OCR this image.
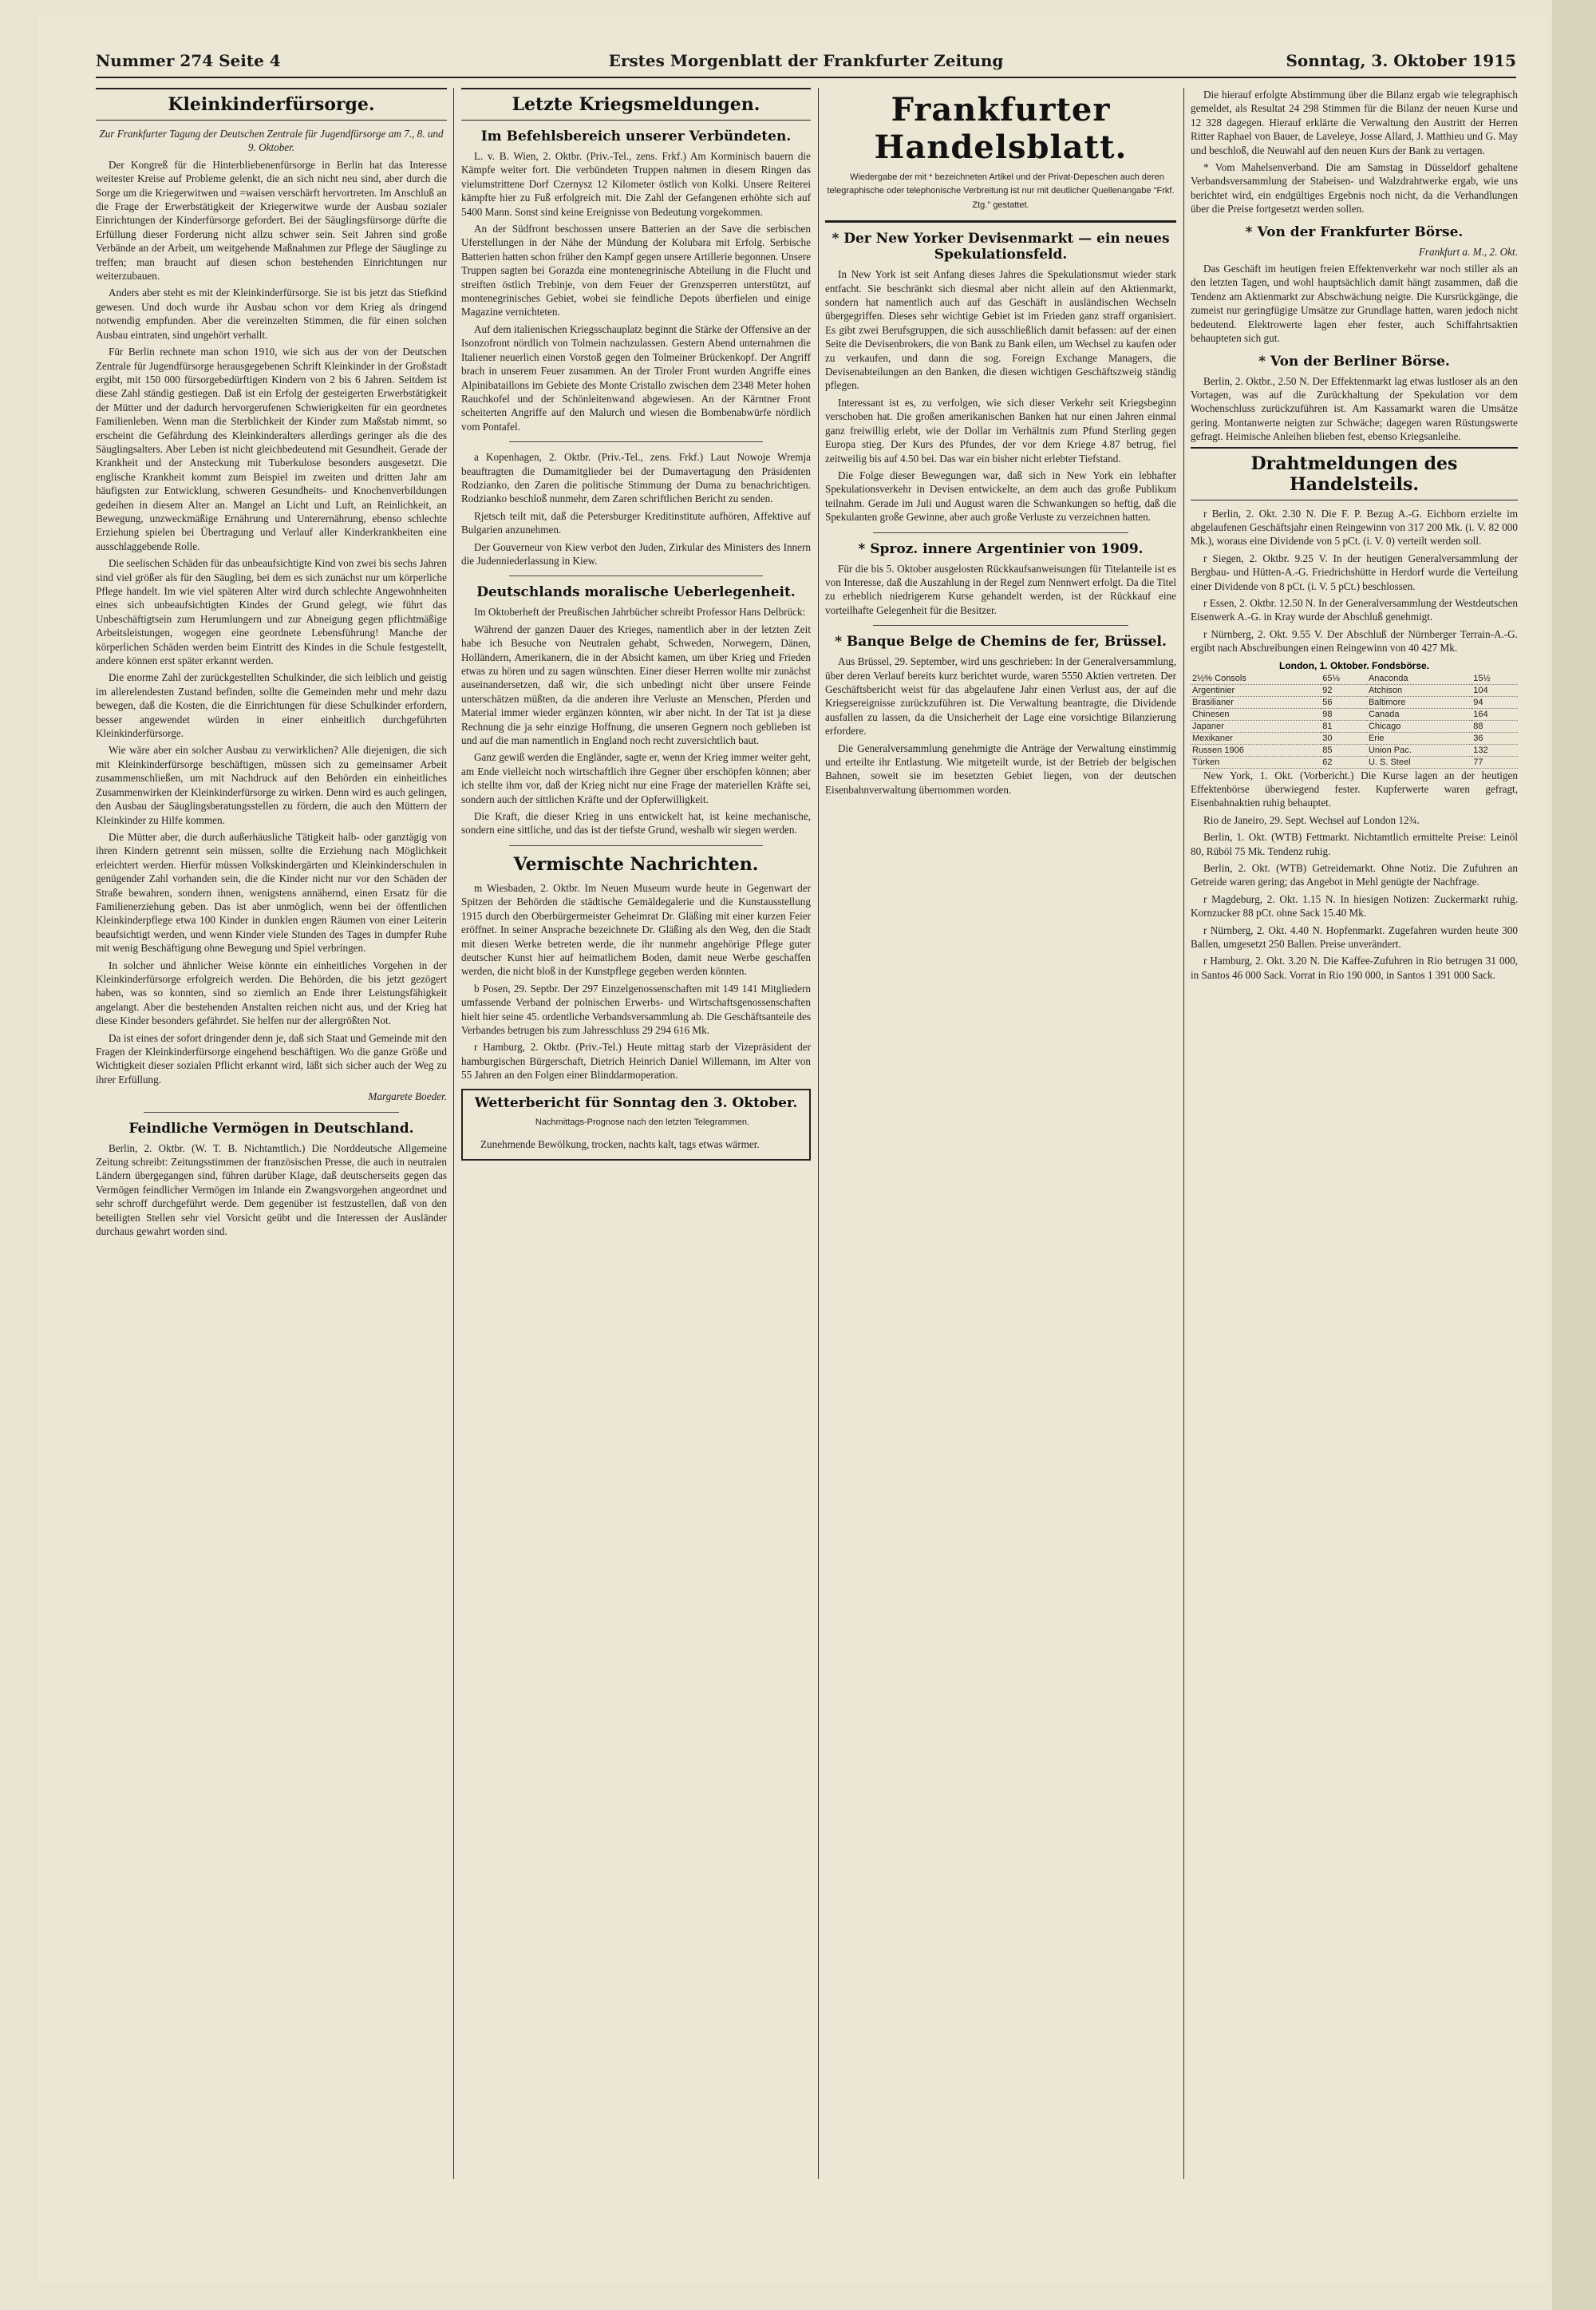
Nummer 274 Seite 4	Erstes Morgenblatt der Frankfurter Zeitung	Sonntag, 3. Oktober 1915
Kleinkinderfürsorge.

Zur Frankfurter Tagung der Deutschen Zentrale für Jugendfürsorge am 7., 8. und 9. Oktober.

Der Kongreß für die Hinterbliebenenfürsorge in Berlin hat das Interesse weitester Kreise auf Probleme gelenkt, die an sich nicht neu sind, aber durch die Sorge um die Kriegerwitwen und =waisen verschärft hervortreten. Im Anschluß an die Frage der Erwerbstätigkeit der Kriegerwitwe wurde der Ausbau sozialer Einrichtungen der Kinderfürsorge gefordert. Bei der Säuglingsfürsorge dürfte die Erfüllung dieser Forderung nicht allzu schwer sein. Seit Jahren sind große Verbände an der Arbeit, um weitgehende Maßnahmen zur Pflege der Säuglinge zu treffen; man braucht auf diesen schon bestehenden Einrichtungen nur weiterzubauen.

Anders aber steht es mit der Kleinkinderfürsorge. Sie ist bis jetzt das Stiefkind gewesen. Und doch wurde ihr Ausbau schon vor dem Krieg als dringend notwendig empfunden. Aber die vereinzelten Stimmen, die für einen solchen Ausbau eintraten, sind ungehört verhallt.

Für Berlin rechnete man schon 1910, wie sich aus der von der Deutschen Zentrale für Jugendfürsorge herausgegebenen Schrift Kleinkinder in der Großstadt ergibt, mit 150 000 fürsorgebedürftigen Kindern von 2 bis 6 Jahren. Seitdem ist diese Zahl ständig gestiegen. Daß ist ein Erfolg der gesteigerten Erwerbstätigkeit der Mütter und der dadurch hervorgerufenen Schwierigkeiten für ein geordnetes Familienleben. Wenn man die Sterblichkeit der Kinder zum Maßstab nimmt, so erscheint die Gefährdung des Kleinkinderalters allerdings geringer als die des Säuglingsalters. Aber Leben ist nicht gleichbedeutend mit Gesundheit. Gerade der Krankheit und der Ansteckung mit Tuberkulose besonders ausgesetzt. Die englische Krankheit kommt zum Beispiel im zweiten und dritten Jahr am häufigsten zur Entwicklung, schweren Gesundheits- und Knochenverbildungen gedeihen in diesem Alter an. Mangel an Licht und Luft, an Reinlichkeit, an Bewegung, unzweckmäßige Ernährung und Unterernährung, ebenso schlechte Erziehung spielen bei Übertragung und Verlauf aller Kinderkrankheiten eine ausschlaggebende Rolle.

Die seelischen Schäden für das unbeaufsichtigte Kind von zwei bis sechs Jahren sind viel größer als für den Säugling, bei dem es sich zunächst nur um körperliche Pflege handelt. Im wie viel späteren Alter wird durch schlechte Angewohnheiten eines sich unbeaufsichtigten Kindes der Grund gelegt, wie führt das Unbeschäftigtsein zum Herumlungern und zur Abneigung gegen pflichtmäßige Arbeitsleistungen, wogegen eine geordnete Lebensführung! Manche der körperlichen Schäden werden beim Eintritt des Kindes in die Schule festgestellt, andere können erst später erkannt werden.

Die enorme Zahl der zurückgestellten Schulkinder, die sich leiblich und geistig im allerelendesten Zustand befinden, sollte die Gemeinden mehr und mehr dazu bewegen, daß die Kosten, die die Einrichtungen für diese Schulkinder erfordern, besser angewendet würden in einer einheitlich durchgeführten Kleinkinderfürsorge.

Wie wäre aber ein solcher Ausbau zu verwirklichen? Alle diejenigen, die sich mit Kleinkinderfürsorge beschäftigen, müssen sich zu gemeinsamer Arbeit zusammenschließen, um mit Nachdruck auf den Behörden ein einheitliches Zusammenwirken der Kleinkinderfürsorge zu wirken. Denn wird es auch gelingen, den Ausbau der Säuglingsberatungsstellen zu fördern, die auch den Müttern der Kleinkinder zu Hilfe kommen.

Die Mütter aber, die durch außerhäusliche Tätigkeit halb- oder ganztägig von ihren Kindern getrennt sein müssen, sollte die Erziehung nach Möglichkeit erleichtert werden. Hierfür müssen Volkskindergärten und Kleinkinderschulen in genügender Zahl vorhanden sein, die die Kinder nicht nur vor den Schäden der Straße bewahren, sondern ihnen, wenigstens annähernd, einen Ersatz für die Familienerziehung geben. Das ist aber unmöglich, wenn bei der öffentlichen Kleinkinderpflege etwa 100 Kinder in dunklen engen Räumen von einer Leiterin beaufsichtigt werden, und wenn Kinder viele Stunden des Tages in dumpfer Ruhe mit wenig Beschäftigung ohne Bewegung und Spiel verbringen.

In solcher und ähnlicher Weise könnte ein einheitliches Vorgehen in der Kleinkinderfürsorge erfolgreich werden. Die Behörden, die bis jetzt gezögert haben, was so konnten, sind so ziemlich an Ende ihrer Leistungsfähigkeit angelangt. Aber die bestehenden Anstalten reichen nicht aus, und der Krieg hat diese Kinder besonders gefährdet. Sie helfen nur der allergrößten Not.

Da ist eines der sofort dringender denn je, daß sich Staat und Gemeinde mit den Fragen der Kleinkinderfürsorge eingehend beschäftigen. Wo die ganze Größe und Wichtigkeit dieser sozialen Pflicht erkannt wird, läßt sich sicher auch der Weg zu ihrer Erfüllung.

Margarete Boeder.

Feindliche Vermögen in Deutschland.

Berlin, 2. Oktbr. (W. T. B. Nichtamtlich.) Die Norddeutsche Allgemeine Zeitung schreibt: Zeitungsstimmen der französischen Presse, die auch in neutralen Ländern übergegangen sind, führen darüber Klage, daß deutscherseits gegen das Vermögen feindlicher Vermögen im Inlande ein Zwangsvorgehen angeordnet und sehr schroff durchgeführt werde. Dem gegenüber ist festzustellen, daß von den beteiligten Stellen sehr viel Vorsicht geübt und die Interessen der Ausländer durchaus gewahrt worden sind.

Letzte Kriegsmeldungen.
Im Befehlsbereich unserer Verbündeten.

L. v. B. Wien, 2. Oktbr. (Priv.-Tel., zens. Frkf.) Am Korminisch bauern die Kämpfe weiter fort. Die verbündeten Truppen nahmen in diesem Ringen das vielumstrittene Dorf Czernysz 12 Kilometer östlich von Kolki. Unsere Reiterei kämpfte hier zu Fuß erfolgreich mit. Die Zahl der Gefangenen erhöhte sich auf 5400 Mann. Sonst sind keine Ereignisse von Bedeutung vorgekommen.

An der Südfront beschossen unsere Batterien an der Save die serbischen Uferstellungen in der Nähe der Mündung der Kolubara mit Erfolg. Serbische Batterien hatten schon früher den Kampf gegen unsere Artillerie begonnen. Unsere Truppen sagten bei Gorazda eine montenegrinische Abteilung in die Flucht und streiften östlich Trebinje, von dem Feuer der Grenzsperren unterstützt, auf montenegrinisches Gebiet, wobei sie feindliche Depots überfielen und einige Magazine vernichteten.

Auf dem italienischen Kriegsschauplatz beginnt die Stärke der Offensive an der Isonzofront nördlich von Tolmein nachzulassen. Gestern Abend unternahmen die Italiener neuerlich einen Vorstoß gegen den Tolmeiner Brückenkopf. Der Angriff brach in unserem Feuer zusammen. An der Tiroler Front wurden Angriffe eines Alpinibataillons im Gebiete des Monte Cristallo zwischen dem 2348 Meter hohen Rauchkofel und der Schönleitenwand abgewiesen. An der Kärntner Front scheiterten Angriffe auf den Malurch und wiesen die Bombenabwürfe nördlich vom Pontafel.

a Kopenhagen, 2. Oktbr. (Priv.-Tel., zens. Frkf.) Laut Nowoje Wremja beauftragten die Dumamitglieder bei der Dumavertagung den Präsidenten Rodzianko, den Zaren die politische Stimmung der Duma zu benachrichtigen. Rodzianko beschloß nunmehr, dem Zaren schriftlichen Bericht zu senden.

Rjetsch teilt mit, daß die Petersburger Kreditinstitute aufhören, Affektive auf Bulgarien anzunehmen.

Der Gouverneur von Kiew verbot den Juden, Zirkular des Ministers des Innern die Judenniederlassung in Kiew.

Deutschlands moralische Ueberlegenheit.

Im Oktoberheft der Preußischen Jahrbücher schreibt Professor Hans Delbrück:

Während der ganzen Dauer des Krieges, namentlich aber in der letzten Zeit habe ich Besuche von Neutralen gehabt, Schweden, Norwegern, Dänen, Holländern, Amerikanern, die in der Absicht kamen, um über Krieg und Frieden etwas zu hören und zu sagen wünschten. Einer dieser Herren wollte mir zunächst auseinandersetzen, daß wir, die sich unbedingt nicht über unsere Feinde unterschätzen müßten, da die anderen ihre Verluste an Menschen, Pferden und Material immer wieder ergänzen könnten, wir aber nicht. In der Tat ist ja diese Rechnung die ja sehr einzige Hoffnung, die unseren Gegnern noch geblieben ist und auf die man namentlich in England noch recht zuversichtlich baut.

Ganz gewiß werden die Engländer, sagte er, wenn der Krieg immer weiter geht, am Ende vielleicht noch wirtschaftlich ihre Gegner über erschöpfen können; aber ich stellte ihm vor, daß der Krieg nicht nur eine Frage der materiellen Kräfte sei, sondern auch der sittlichen Kräfte und der Opferwilligkeit.

Die Kraft, die dieser Krieg in uns entwickelt hat, ist keine mechanische, sondern eine sittliche, und das ist der tiefste Grund, weshalb wir siegen werden.

Vermischte Nachrichten.

m Wiesbaden, 2. Oktbr. Im Neuen Museum wurde heute in Gegenwart der Spitzen der Behörden die städtische Gemäldegalerie und die Kunstausstellung 1915 durch den Oberbürgermeister Geheimrat Dr. Gläßing mit einer kurzen Feier eröffnet. In seiner Ansprache bezeichnete Dr. Gläßing als den Weg, den die Stadt mit diesen Werke betreten werde, die ihr nunmehr angehörige Pflege guter deutscher Kunst hier auf heimatlichem Boden, damit neue Werbe geschaffen werden, die nicht bloß in der Kunstpflege gegeben werden könnten.

b Posen, 29. Septbr. Der 297 Einzelgenossenschaften mit 149 141 Mitgliedern umfassende Verband der polnischen Erwerbs- und Wirtschaftsgenossenschaften hielt hier seine 45. ordentliche Verbandsversammlung ab. Die Geschäftsanteile des Verbandes betrugen bis zum Jahresschluss 29 294 616 Mk.

r Hamburg, 2. Oktbr. (Priv.-Tel.) Heute mittag starb der Vizepräsident der hamburgischen Bürgerschaft, Dietrich Heinrich Daniel Willemann, im Alter von 55 Jahren an den Folgen einer Blinddarmoperation.

Wetterbericht für Sonntag den 3. Oktober.

Nachmittags-Prognose nach den letzten Telegrammen.

Zunehmende Bewölkung, trocken, nachts kalt, tags etwas wärmer.

Frankfurter Handelsblatt.

Wiedergabe der mit * bezeichneten Artikel und der Privat-Depeschen auch deren telegraphische oder telephonische Verbreitung ist nur mit deutlicher Quellenangabe "Frkf. Ztg." gestattet.

* Der New Yorker Devisenmarkt — ein neues Spekulationsfeld.

In New York ist seit Anfang dieses Jahres die Spekulationsmut wieder stark entfacht. Sie beschränkt sich diesmal aber nicht allein auf den Aktienmarkt, sondern hat namentlich auch auf das Geschäft in ausländischen Wechseln übergegriffen. Dieses sehr wichtige Gebiet ist im Frieden ganz straff organisiert. Es gibt zwei Berufsgruppen, die sich ausschließlich damit befassen: auf der einen Seite die Devisenbrokers, die von Bank zu Bank eilen, um Wechsel zu kaufen oder zu verkaufen, und dann die sog. Foreign Exchange Managers, die Devisenabteilungen an den Banken, die diesen wichtigen Geschäftszweig ständig pflegen.

Interessant ist es, zu verfolgen, wie sich dieser Verkehr seit Kriegsbeginn verschoben hat. Die großen amerikanischen Banken hat nur einen Jahren einmal ganz freiwillig erlebt, wie der Dollar im Verhältnis zum Pfund Sterling gegen Europa stieg. Der Kurs des Pfundes, der vor dem Kriege 4.87 betrug, fiel zeitweilig bis auf 4.50 bei. Das war ein bisher nicht erlebter Tiefstand.

Die Folge dieser Bewegungen war, daß sich in New York ein lebhafter Spekulationsverkehr in Devisen entwickelte, an dem auch das große Publikum teilnahm. Gerade im Juli und August waren die Schwankungen so heftig, daß die Spekulanten große Gewinne, aber auch große Verluste zu verzeichnen hatten.

* Sproz. innere Argentinier von 1909.

Für die bis 5. Oktober ausgelosten Rückkaufsanweisungen für Titelanteile ist es von Interesse, daß die Auszahlung in der Regel zum Nennwert erfolgt. Da die Titel zu erheblich niedrigerem Kurse gehandelt werden, ist der Rückkauf eine vorteilhafte Gelegenheit für die Besitzer.

* Banque Belge de Chemins de fer, Brüssel.

Aus Brüssel, 29. September, wird uns geschrieben: In der Generalversammlung, über deren Verlauf bereits kurz berichtet wurde, waren 5550 Aktien vertreten. Der Geschäftsbericht weist für das abgelaufene Jahr einen Verlust aus, der auf die Kriegsereignisse zurückzuführen ist. Die Verwaltung beantragte, die Dividende ausfallen zu lassen, da die Unsicherheit der Lage eine vorsichtige Bilanzierung erfordere.

Die Generalversammlung genehmigte die Anträge der Verwaltung einstimmig und erteilte ihr Entlastung. Wie mitgeteilt wurde, ist der Betrieb der belgischen Bahnen, soweit sie im besetzten Gebiet liegen, von der deutschen Eisenbahnverwaltung übernommen worden.

Die hierauf erfolgte Abstimmung über die Bilanz ergab wie telegraphisch gemeldet, als Resultat 24 298 Stimmen für die Bilanz der neuen Kurse und 12 328 dagegen. Hierauf erklärte die Verwaltung den Austritt der Herren Ritter Raphael von Bauer, de Laveleye, Josse Allard, J. Matthieu und G. May und beschloß, die Neuwahl auf den neuen Kurs der Bank zu vertagen.

* Vom Mahelsenverband. Die am Samstag in Düsseldorf gehaltene Verbandsversammlung der Stabeisen- und Walzdrahtwerke ergab, wie uns berichtet wird, ein endgültiges Ergebnis noch nicht, da die Verhandlungen über die Preise fortgesetzt werden sollen.

* Von der Frankfurter Börse.

Frankfurt a. M., 2. Okt.

Das Geschäft im heutigen freien Effektenverkehr war noch stiller als an den letzten Tagen, und wohl hauptsächlich damit hängt zusammen, daß die Tendenz am Aktienmarkt zur Abschwächung neigte. Die Kursrückgänge, die zumeist nur geringfügige Umsätze zur Grundlage hatten, waren jedoch nicht bedeutend. Elektrowerte lagen eher fester, auch Schiffahrtsaktien behaupteten sich gut.

* Von der Berliner Börse.

Berlin, 2. Oktbr., 2.50 N. Der Effektenmarkt lag etwas lustloser als an den Vortagen, was auf die Zurückhaltung der Spekulation vor dem Wochenschluss zurückzuführen ist. Am Kassamarkt waren die Umsätze gering. Montanwerte neigten zur Schwäche; dagegen waren Rüstungswerte gefragt. Heimische Anleihen blieben fest, ebenso Kriegsanleihe.

Drahtmeldungen des Handelsteils.

r Berlin, 2. Okt. 2.30 N. Die F. P. Bezug A.-G. Eichborn erzielte im abgelaufenen Geschäftsjahr einen Reingewinn von 317 200 Mk. (i. V. 82 000 Mk.), woraus eine Dividende von 5 pCt. (i. V. 0) verteilt werden soll.

r Siegen, 2. Oktbr. 9.25 V. In der heutigen Generalversammlung der Bergbau- und Hütten-A.-G. Friedrichshütte in Herdorf wurde die Verteilung einer Dividende von 8 pCt. (i. V. 5 pCt.) beschlossen.

r Essen, 2. Oktbr. 12.50 N. In der Generalversammlung der Westdeutschen Eisenwerk A.-G. in Kray wurde der Abschluß genehmigt.

r Nürnberg, 2. Okt. 9.55 V. Der Abschluß der Nürnberger Terrain-A.-G. ergibt nach Abschreibungen einen Reingewinn von 40 427 Mk.

London, 1. Oktober. Fondsbörse.
2½% Consols	65⅛	Anaconda	15½
Argentinier	92	Atchison	104
Brasilianer	56	Baltimore	94
Chinesen	98	Canada	164
Japaner	81	Chicago	88
Mexikaner	30	Erie	36
Russen 1906	85	Union Pac.	132
Türken	62	U. S. Steel	77

New York, 1. Okt. (Vorbericht.) Die Kurse lagen an der heutigen Effektenbörse überwiegend fester. Kupferwerte waren gefragt, Eisenbahnaktien ruhig behauptet.

Rio de Janeiro, 29. Sept. Wechsel auf London 12¾.

Berlin, 1. Okt. (WTB) Fettmarkt. Nichtamtlich ermittelte Preise: Leinöl 80, Rüböl 75 Mk. Tendenz ruhig.

Berlin, 2. Okt. (WTB) Getreidemarkt. Ohne Notiz. Die Zufuhren an Getreide waren gering; das Angebot in Mehl genügte der Nachfrage.

r Magdeburg, 2. Okt. 1.15 N. In hiesigen Notizen: Zuckermarkt ruhig. Kornzucker 88 pCt. ohne Sack 15.40 Mk.

r Nürnberg, 2. Okt. 4.40 N. Hopfenmarkt. Zugefahren wurden heute 300 Ballen, umgesetzt 250 Ballen. Preise unverändert.

r Hamburg, 2. Okt. 3.20 N. Die Kaffee-Zufuhren in Rio betrugen 31 000, in Santos 46 000 Sack. Vorrat in Rio 190 000, in Santos 1 391 000 Sack.
